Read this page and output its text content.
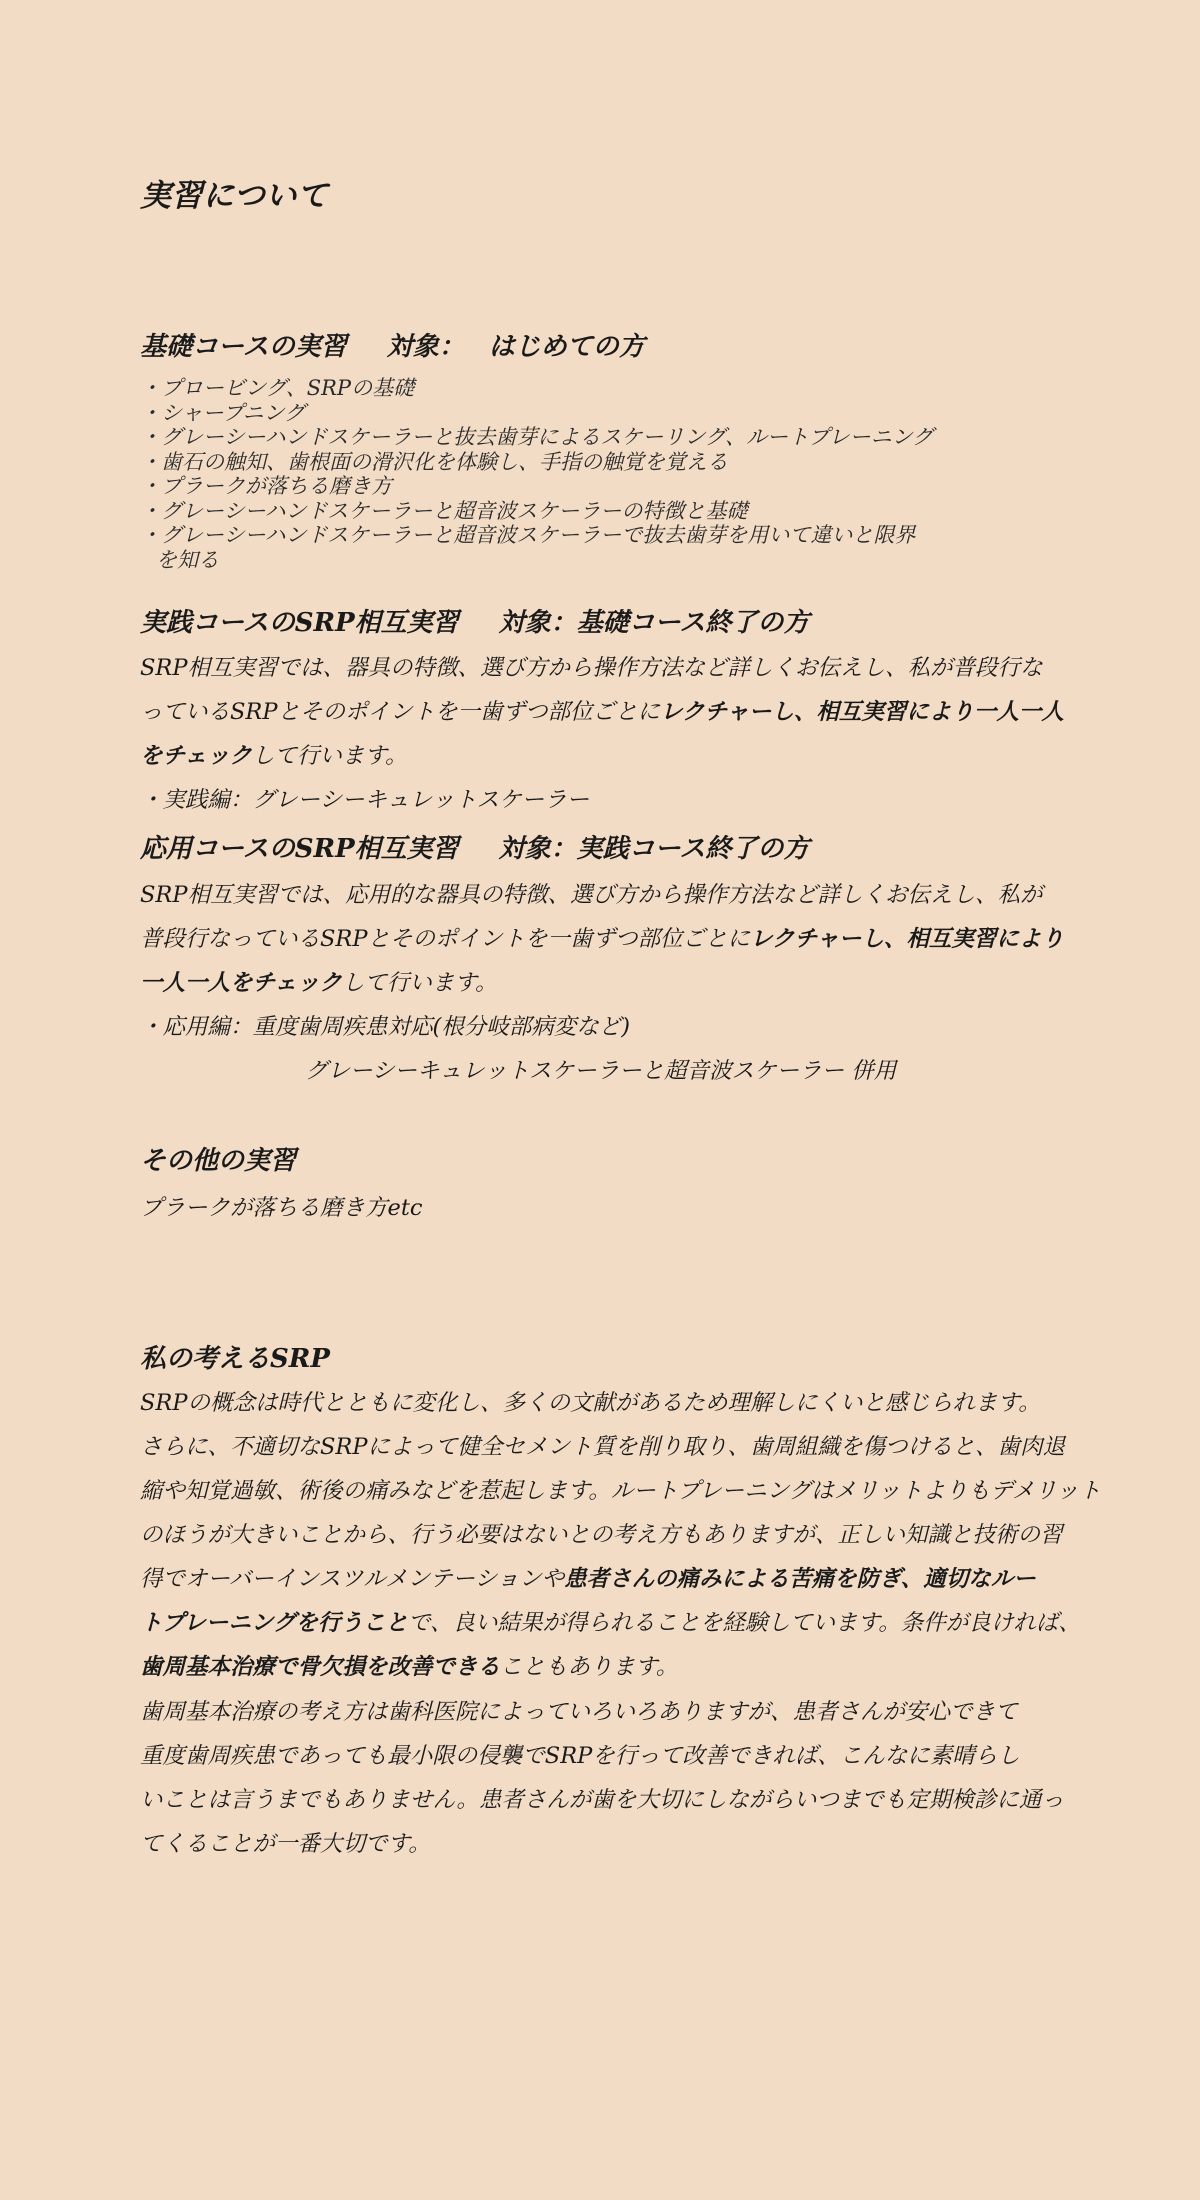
実習について
基礎コースの実習 対象： はじめての方
・プロービング、SRPの基礎
・シャープニング
・グレーシーハンドスケーラーと抜去歯芽によるスケーリング、ルートプレーニング
・歯石の触知、歯根面の滑沢化を体験し、手指の触覚を覚える
・プラークが落ちる磨き方
・グレーシーハンドスケーラーと超音波スケーラーの特徴と基礎
・グレーシーハンドスケーラーと超音波スケーラーで抜去歯芽を用いて違いと限界
を知る
実践コースのSRP相互実習 対象：基礎コース終了の方

SRP相互実習では、器具の特徴、選び方から操作方法など詳しくお伝えし、私が普段行な

っているSRPとそのポイントを一歯ずつ部位ごとにレクチャーし、相互実習により一人一人

をチェックして行います。

・実践編：グレーシーキュレットスケーラー

応用コースのSRP相互実習 対象：実践コース終了の方

SRP相互実習では、応用的な器具の特徴、選び方から操作方法など詳しくお伝えし、私が

普段行なっているSRPとそのポイントを一歯ずつ部位ごとにレクチャーし、相互実習により

一人一人をチェックして行います。

・応用編：重度歯周疾患対応(根分岐部病変など)

グレーシーキュレットスケーラーと超音波スケーラー 併用

その他の実習

プラークが落ちる磨き方etc

私の考えるSRP

SRPの概念は時代とともに変化し、多くの文献があるため理解しにくいと感じられます。

さらに、不適切なSRPによって健全セメント質を削り取り、歯周組織を傷つけると、歯肉退

縮や知覚過敏、術後の痛みなどを惹起します。ルートプレーニングはメリットよりもデメリット

のほうが大きいことから、行う必要はないとの考え方もありますが、正しい知識と技術の習

得でオーバーインスツルメンテーションや患者さんの痛みによる苦痛を防ぎ、適切なルー

トプレーニングを行うことで、良い結果が得られることを経験しています。条件が良ければ、

歯周基本治療で骨欠損を改善できることもあります。

歯周基本治療の考え方は歯科医院によっていろいろありますが、患者さんが安心できて

重度歯周疾患であっても最小限の侵襲でSRPを行って改善できれば、こんなに素晴らし

いことは言うまでもありません。患者さんが歯を大切にしながらいつまでも定期検診に通っ

てくることが一番大切です。
